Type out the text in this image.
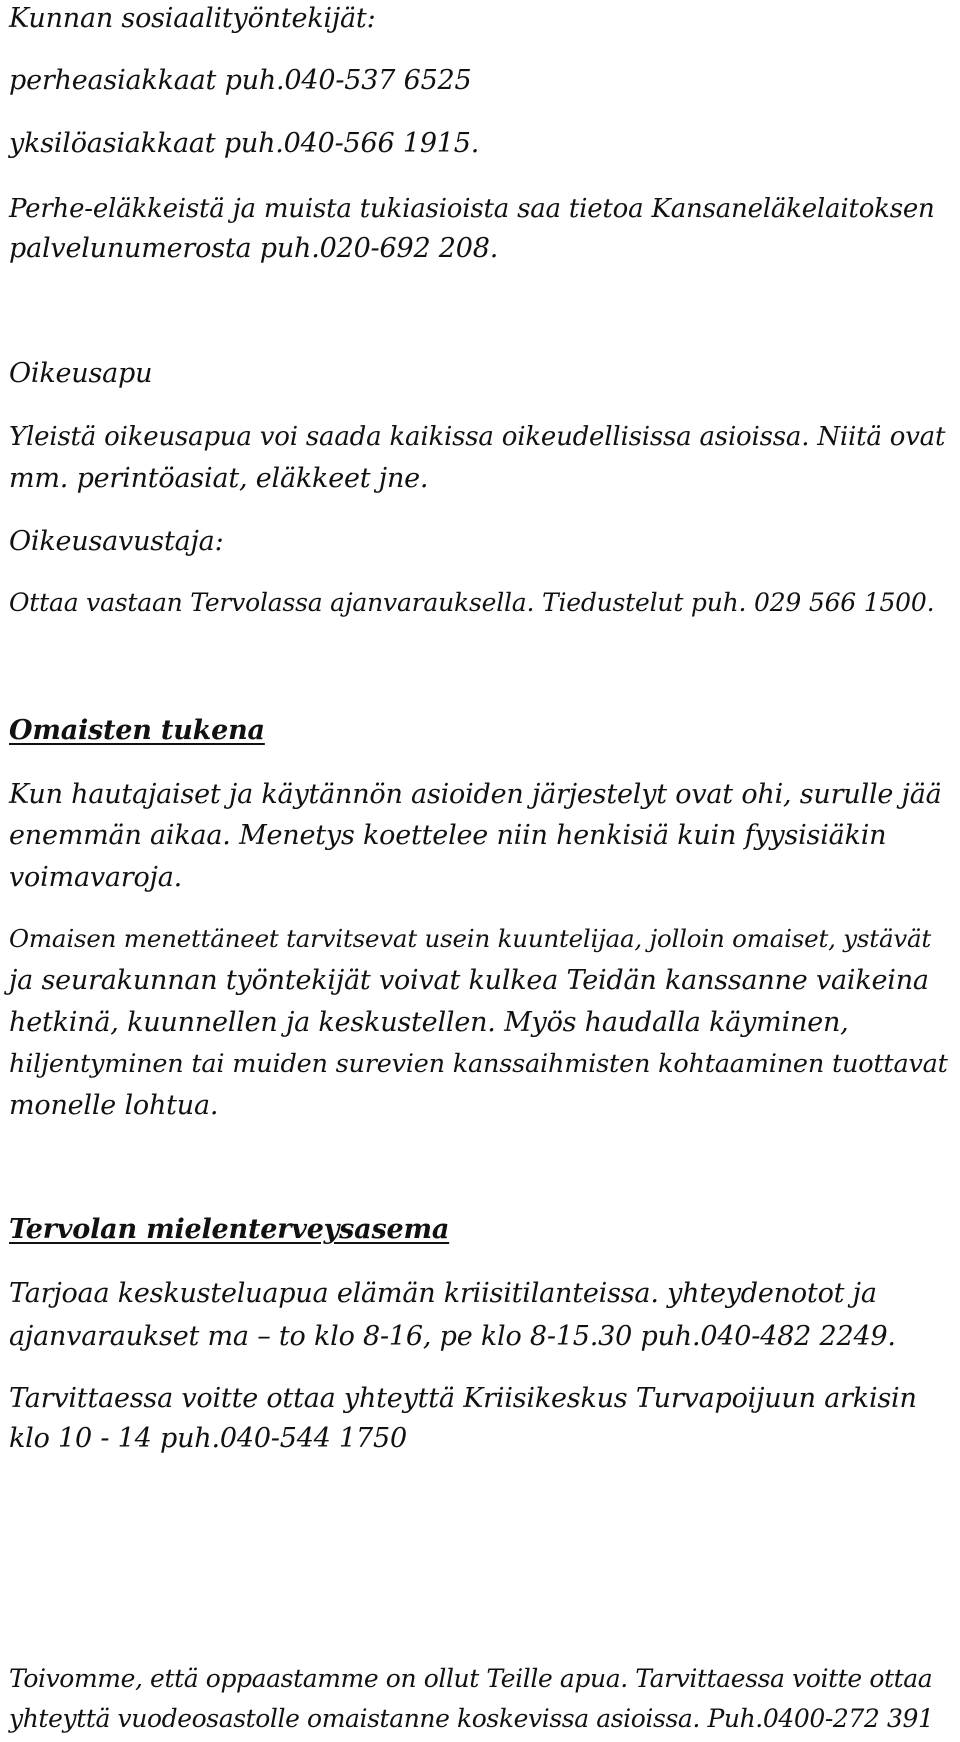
Kunnan sosiaalityöntekijät:
perheasiakkaat puh.040-537 6525
yksilöasiakkaat puh.040-566 1915.
Perhe-eläkkeistä ja muista tukiasioista saa tietoa Kansaneläkelaitoksen
palvelunumerosta puh.020-692 208.
Oikeusapu
Yleistä oikeusapua voi saada kaikissa oikeudellisissa asioissa. Niitä ovat
mm. perintöasiat, eläkkeet jne.
Oikeusavustaja:
Ottaa vastaan Tervolassa ajanvarauksella. Tiedustelut puh. 029 566 1500.
Omaisten tukena
Kun hautajaiset ja käytännön asioiden järjestelyt ovat ohi, surulle jää
enemmän aikaa. Menetys koettelee niin henkisiä kuin fyysisiäkin
voimavaroja.
Omaisen menettäneet tarvitsevat usein kuuntelijaa, jolloin omaiset, ystävät
ja seurakunnan työntekijät voivat kulkea Teidän kanssanne vaikeina
hetkinä, kuunnellen ja keskustellen. Myös haudalla käyminen,
hiljentyminen tai muiden surevien kanssaihmisten kohtaaminen tuottavat
monelle lohtua.
Tervolan mielenterveysasema
Tarjoaa keskusteluapua elämän kriisitilanteissa. yhteydenotot ja
ajanvaraukset ma – to klo 8-16, pe klo 8-15.30 puh.040-482 2249.
Tarvittaessa voitte ottaa yhteyttä Kriisikeskus Turvapoijuun arkisin
klo 10 - 14 puh.040-544 1750
Toivomme, että oppaastamme on ollut Teille apua. Tarvittaessa voitte ottaa
yhteyttä vuodeosastolle omaistanne koskevissa asioissa. Puh.0400-272 391
